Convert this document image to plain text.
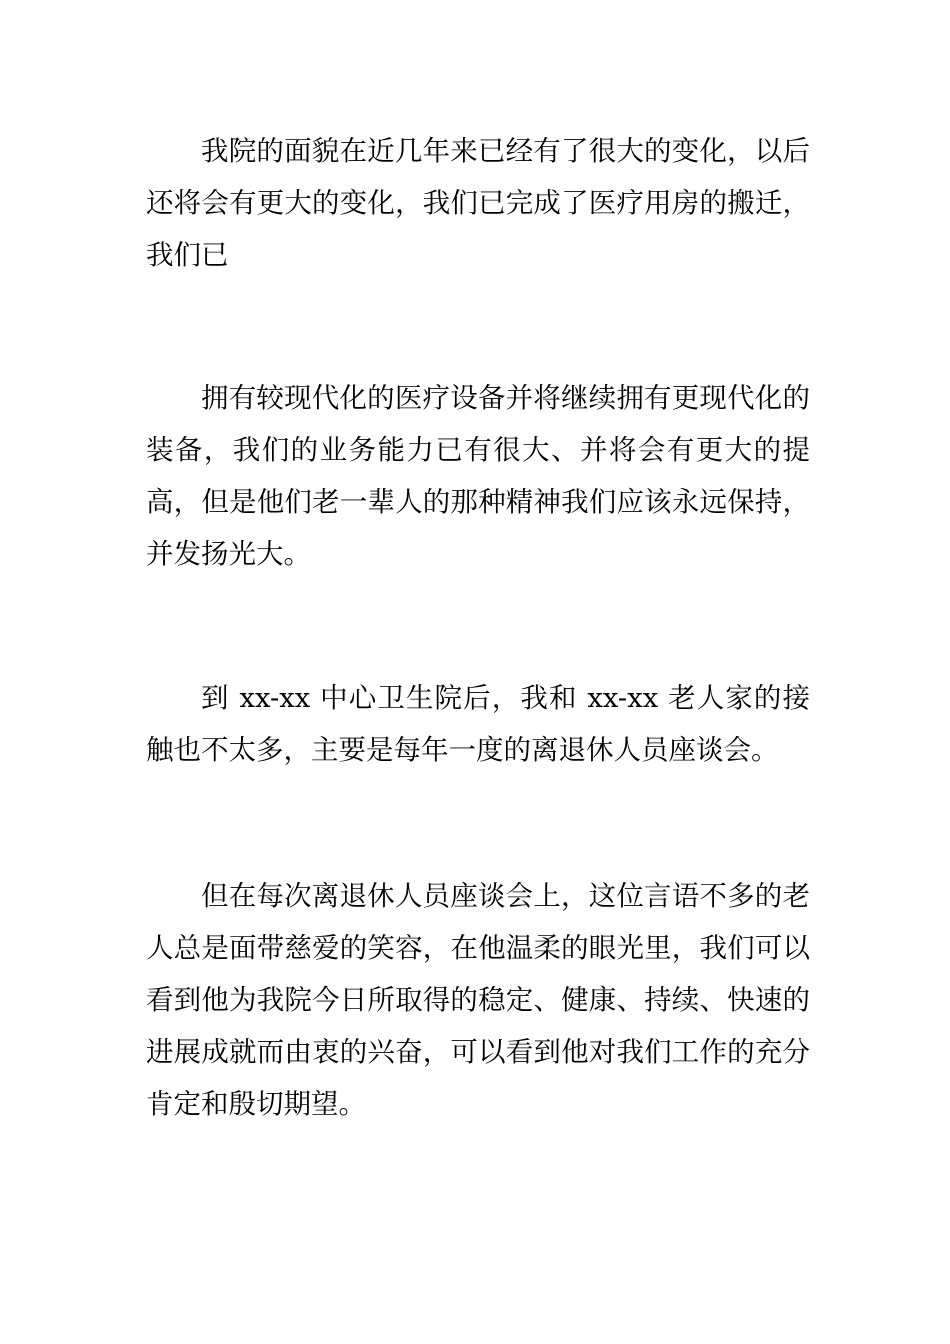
我院的面貌在近几年来已经有了很大的变化，以后还将会有更大的变化，我们已完成了医疗用房的搬迁，我们已

拥有较现代化的医疗设备并将继续拥有更现代化的装备，我们的业务能力已有很大、并将会有更大的提高，但是他们老一辈人的那种精神我们应该永远保持，并发扬光大。

到 xx-xx 中心卫生院后，我和 xx-xx 老人家的接触也不太多，主要是每年一度的离退休人员座谈会。

但在每次离退休人员座谈会上，这位言语不多的老人总是面带慈爱的笑容，在他温柔的眼光里，我们可以看到他为我院今日所取得的稳定、健康、持续、快速的进展成就而由衷的兴奋，可以看到他对我们工作的充分肯定和殷切期望。
